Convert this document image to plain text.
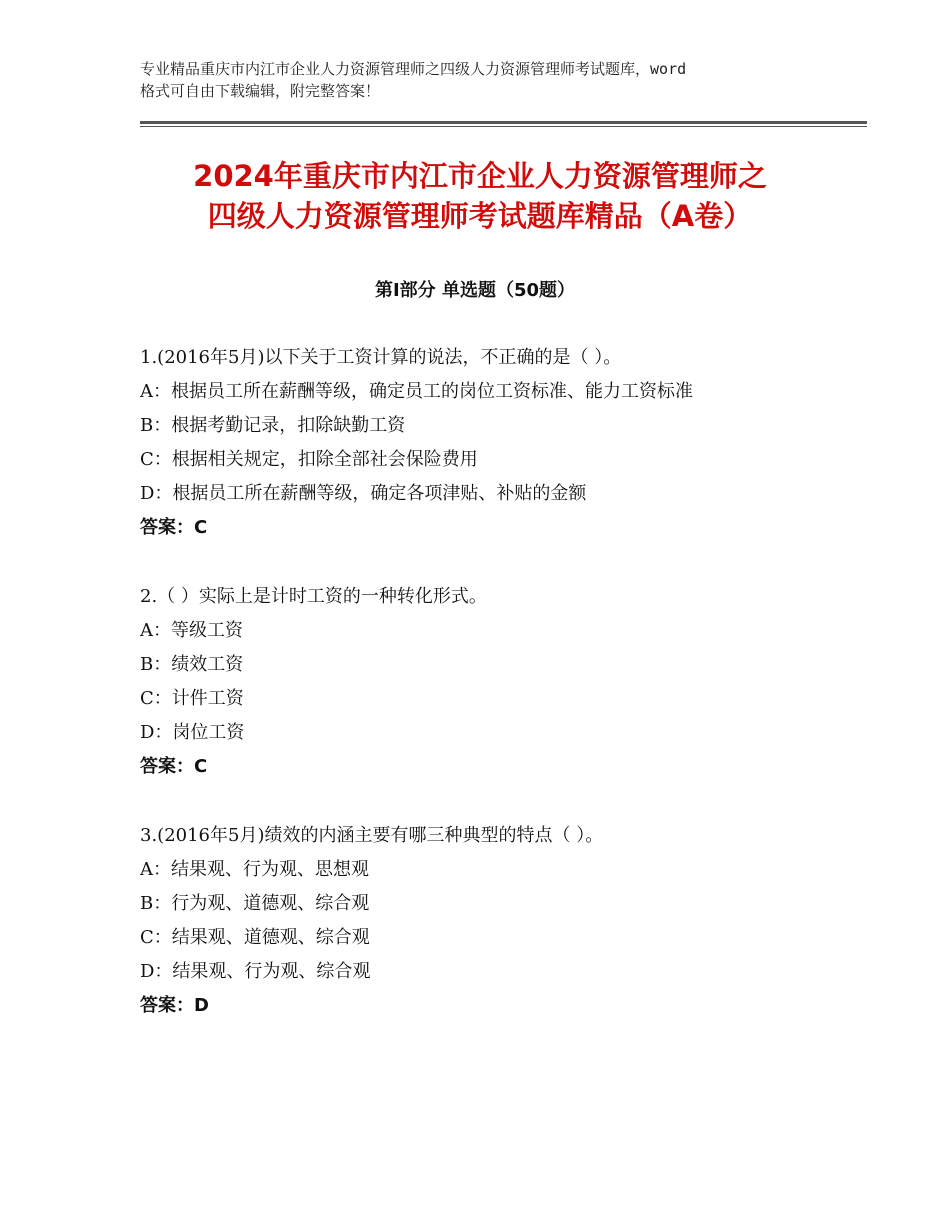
专业精品重庆市内江市企业人力资源管理师之四级人力资源管理师考试题库，word
格式可自由下载编辑，附完整答案！
2024年重庆市内江市企业人力资源管理师之
四级人力资源管理师考试题库精品（A卷）
第Ⅰ部分 单选题（50题）
1.(2016年5月)以下关于工资计算的说法，不正确的是（ ）。
A：根据员工所在薪酬等级，确定员工的岗位工资标准、能力工资标准
B：根据考勤记录，扣除缺勤工资
C：根据相关规定，扣除全部社会保险费用
D：根据员工所在薪酬等级，确定各项津贴、补贴的金额
答案：C
2.（ ）实际上是计时工资的一种转化形式。
A：等级工资
B：绩效工资
C：计件工资
D：岗位工资
答案：C
3.(2016年5月)绩效的内涵主要有哪三种典型的特点（ ）。
A：结果观、行为观、思想观
B：行为观、道德观、综合观
C：结果观、道德观、综合观
D：结果观、行为观、综合观
答案：D
